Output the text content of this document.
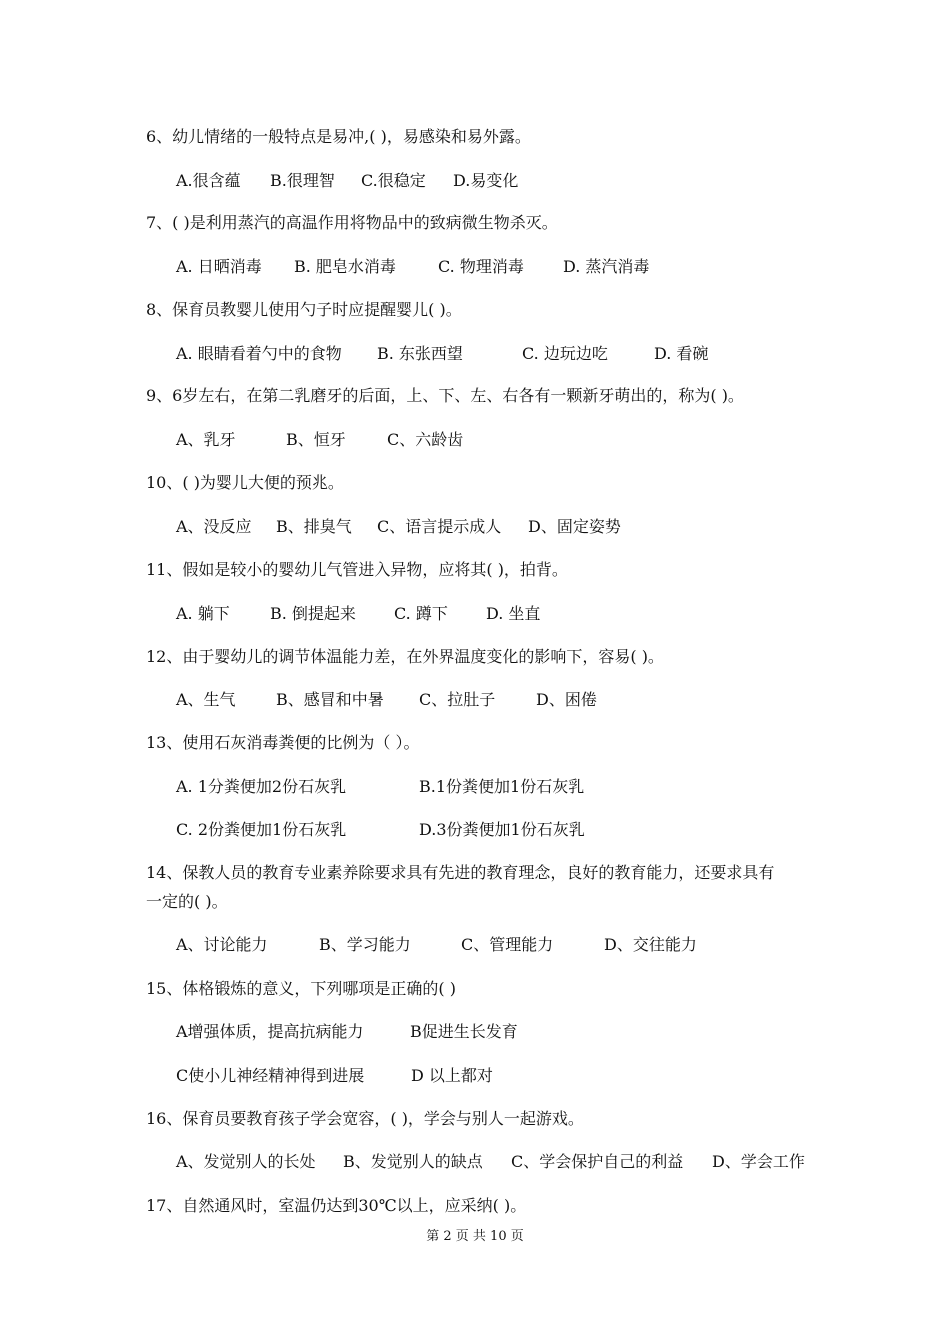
6、幼儿情绪的一般特点是易冲,( )，易感染和易外露。
A.很含蕴 B.很理智 C.很稳定 D.易变化
7、( )是利用蒸汽的高温作用将物品中的致病微生物杀灭。
A. 日晒消毒 B. 肥皂水消毒	C. 物理消毒 D. 蒸汽消毒
8、保育员教婴儿使用勺子时应提醒婴儿( )。
A. 眼睛看着勺中的食物 B. 东张西望	C. 边玩边吃	D. 看碗
9、6岁左右，在第二乳磨牙的后面，上、下、左、右各有一颗新牙萌出的，称为( )。
A、乳牙	B、恒牙	C、六龄齿
10、( )为婴儿大便的预兆。
A、没反应 B、排臭气 C、语言提示成人 D、固定姿势
11、假如是较小的婴幼儿气管进入异物，应将其( )，拍背。
A. 躺下	B. 倒提起来 C. 蹲下 D. 坐直
12、由于婴幼儿的调节体温能力差，在外界温度变化的影响下，容易( )。
A、生气	B、感冒和中暑 C、拉肚子	D、困倦
13、使用石灰消毒粪便的比例为（ ）。
A. 1分粪便加2份石灰乳	B.1份粪便加1份石灰乳
C. 2份粪便加1份石灰乳	D.3份粪便加1份石灰乳
14、保教人员的教育专业素养除要求具有先进的教育理念，良好的教育能力，还要求具有
一定的( )。
A、讨论能力	B、学习能力	C、管理能力	D、交往能力
15、体格锻炼的意义，下列哪项是正确的( )
A增强体质，提高抗病能力	B促进生长发育
C使小儿神经精神得到进展	D 以上都对
16、保育员要教育孩子学会宽容，( )，学会与别人一起游戏。
A、发觉别人的长处 B、发觉别人的缺点 C、学会保护自己的利益 D、学会工作
17、自然通风时，室温仍达到30℃以上，应采纳( )。
第 2 页 共 10 页
